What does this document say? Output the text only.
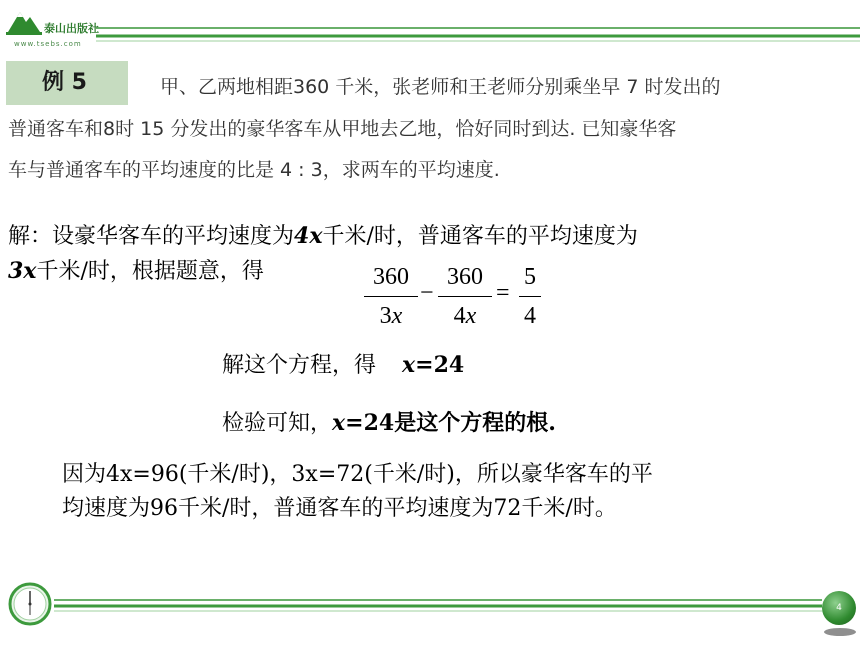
泰山出版社
www.tsebs.com
例 5	甲、乙两地相距360 千米，张老师和王老师分别乘坐早 7 时发出的
普通客车和8时 15 分发出的豪华客车从甲地去乙地，恰好同时到达. 已知豪华客
车与普通客车的平均速度的比是 4 : 3，求两车的平均速度.
解：设豪华客车的平均速度为4x千米/时，普通客车的平均速度为
3x千米/时，根据题意，得	360
3x
−
360
4x
=
5
4
解这个方程，得 x=24
检验可知，x=24是这个方程的根.
因为4x=96(千米/时)，3x=72(千米/时)，所以豪华客车的平
均速度为96千米/时，普通客车的平均速度为72千米/时。
4
